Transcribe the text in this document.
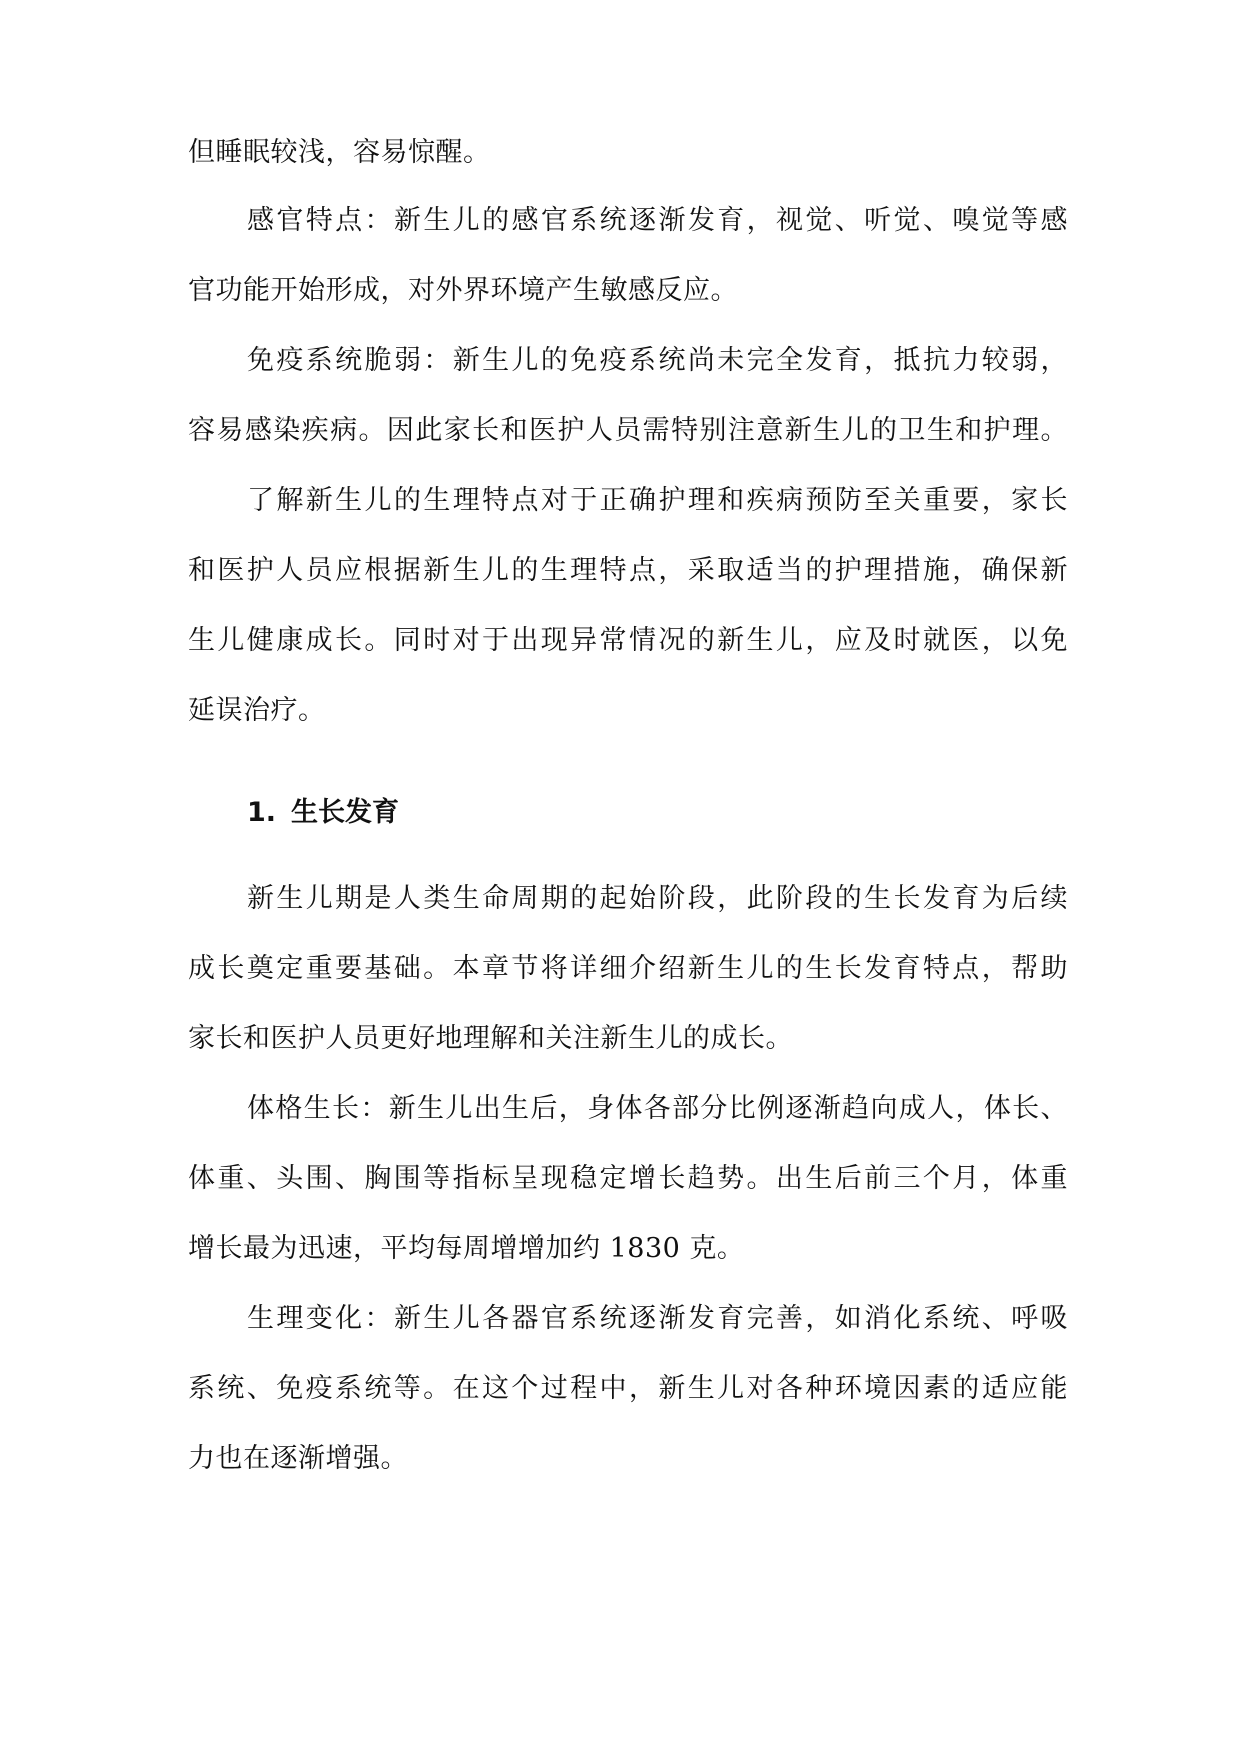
但睡眠较浅，容易惊醒。
感官特点：新生儿的感官系统逐渐发育，视觉、听觉、嗅觉等感
官功能开始形成，对外界环境产生敏感反应。
免疫系统脆弱：新生儿的免疫系统尚未完全发育，抵抗力较弱，
容易感染疾病。因此家长和医护人员需特别注意新生儿的卫生和护理。
了解新生儿的生理特点对于正确护理和疾病预防至关重要，家长
和医护人员应根据新生儿的生理特点，采取适当的护理措施，确保新
生儿健康成长。同时对于出现异常情况的新生儿，应及时就医，以免
延误治疗。
1. 生长发育
新生儿期是人类生命周期的起始阶段，此阶段的生长发育为后续
成长奠定重要基础。本章节将详细介绍新生儿的生长发育特点，帮助
家长和医护人员更好地理解和关注新生儿的成长。
体格生长：新生儿出生后，身体各部分比例逐渐趋向成人，体长、
体重、头围、胸围等指标呈现稳定增长趋势。出生后前三个月，体重
增长最为迅速，平均每周增增加约 1830 克。
生理变化：新生儿各器官系统逐渐发育完善，如消化系统、呼吸
系统、免疫系统等。在这个过程中，新生儿对各种环境因素的适应能
力也在逐渐增强。
